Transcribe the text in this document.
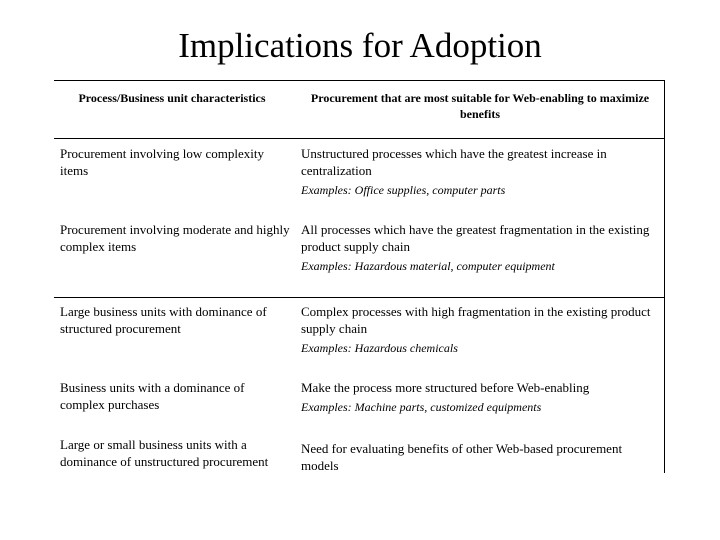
Implications for Adoption
Process/Business unit characteristics	Procurement that are most suitable for Web-enabling to maximize benefits
Procurement involving low complexity items
Unstructured processes which have the greatest increase in centralization
Examples: Office supplies, computer parts
Procurement involving moderate and highly complex items
All processes which have the greatest fragmentation in the existing product supply chain
Examples: Hazardous material, computer equipment
Large business units with dominance of structured procurement
Complex processes with high fragmentation in the existing product supply chain
Examples: Hazardous chemicals
Business units with a dominance of complex purchases
Make the process more structured before Web-enabling
Examples: Machine parts, customized equipments
Large or small business units with a dominance of unstructured procurement
Need for evaluating benefits of other Web-based procurement models
